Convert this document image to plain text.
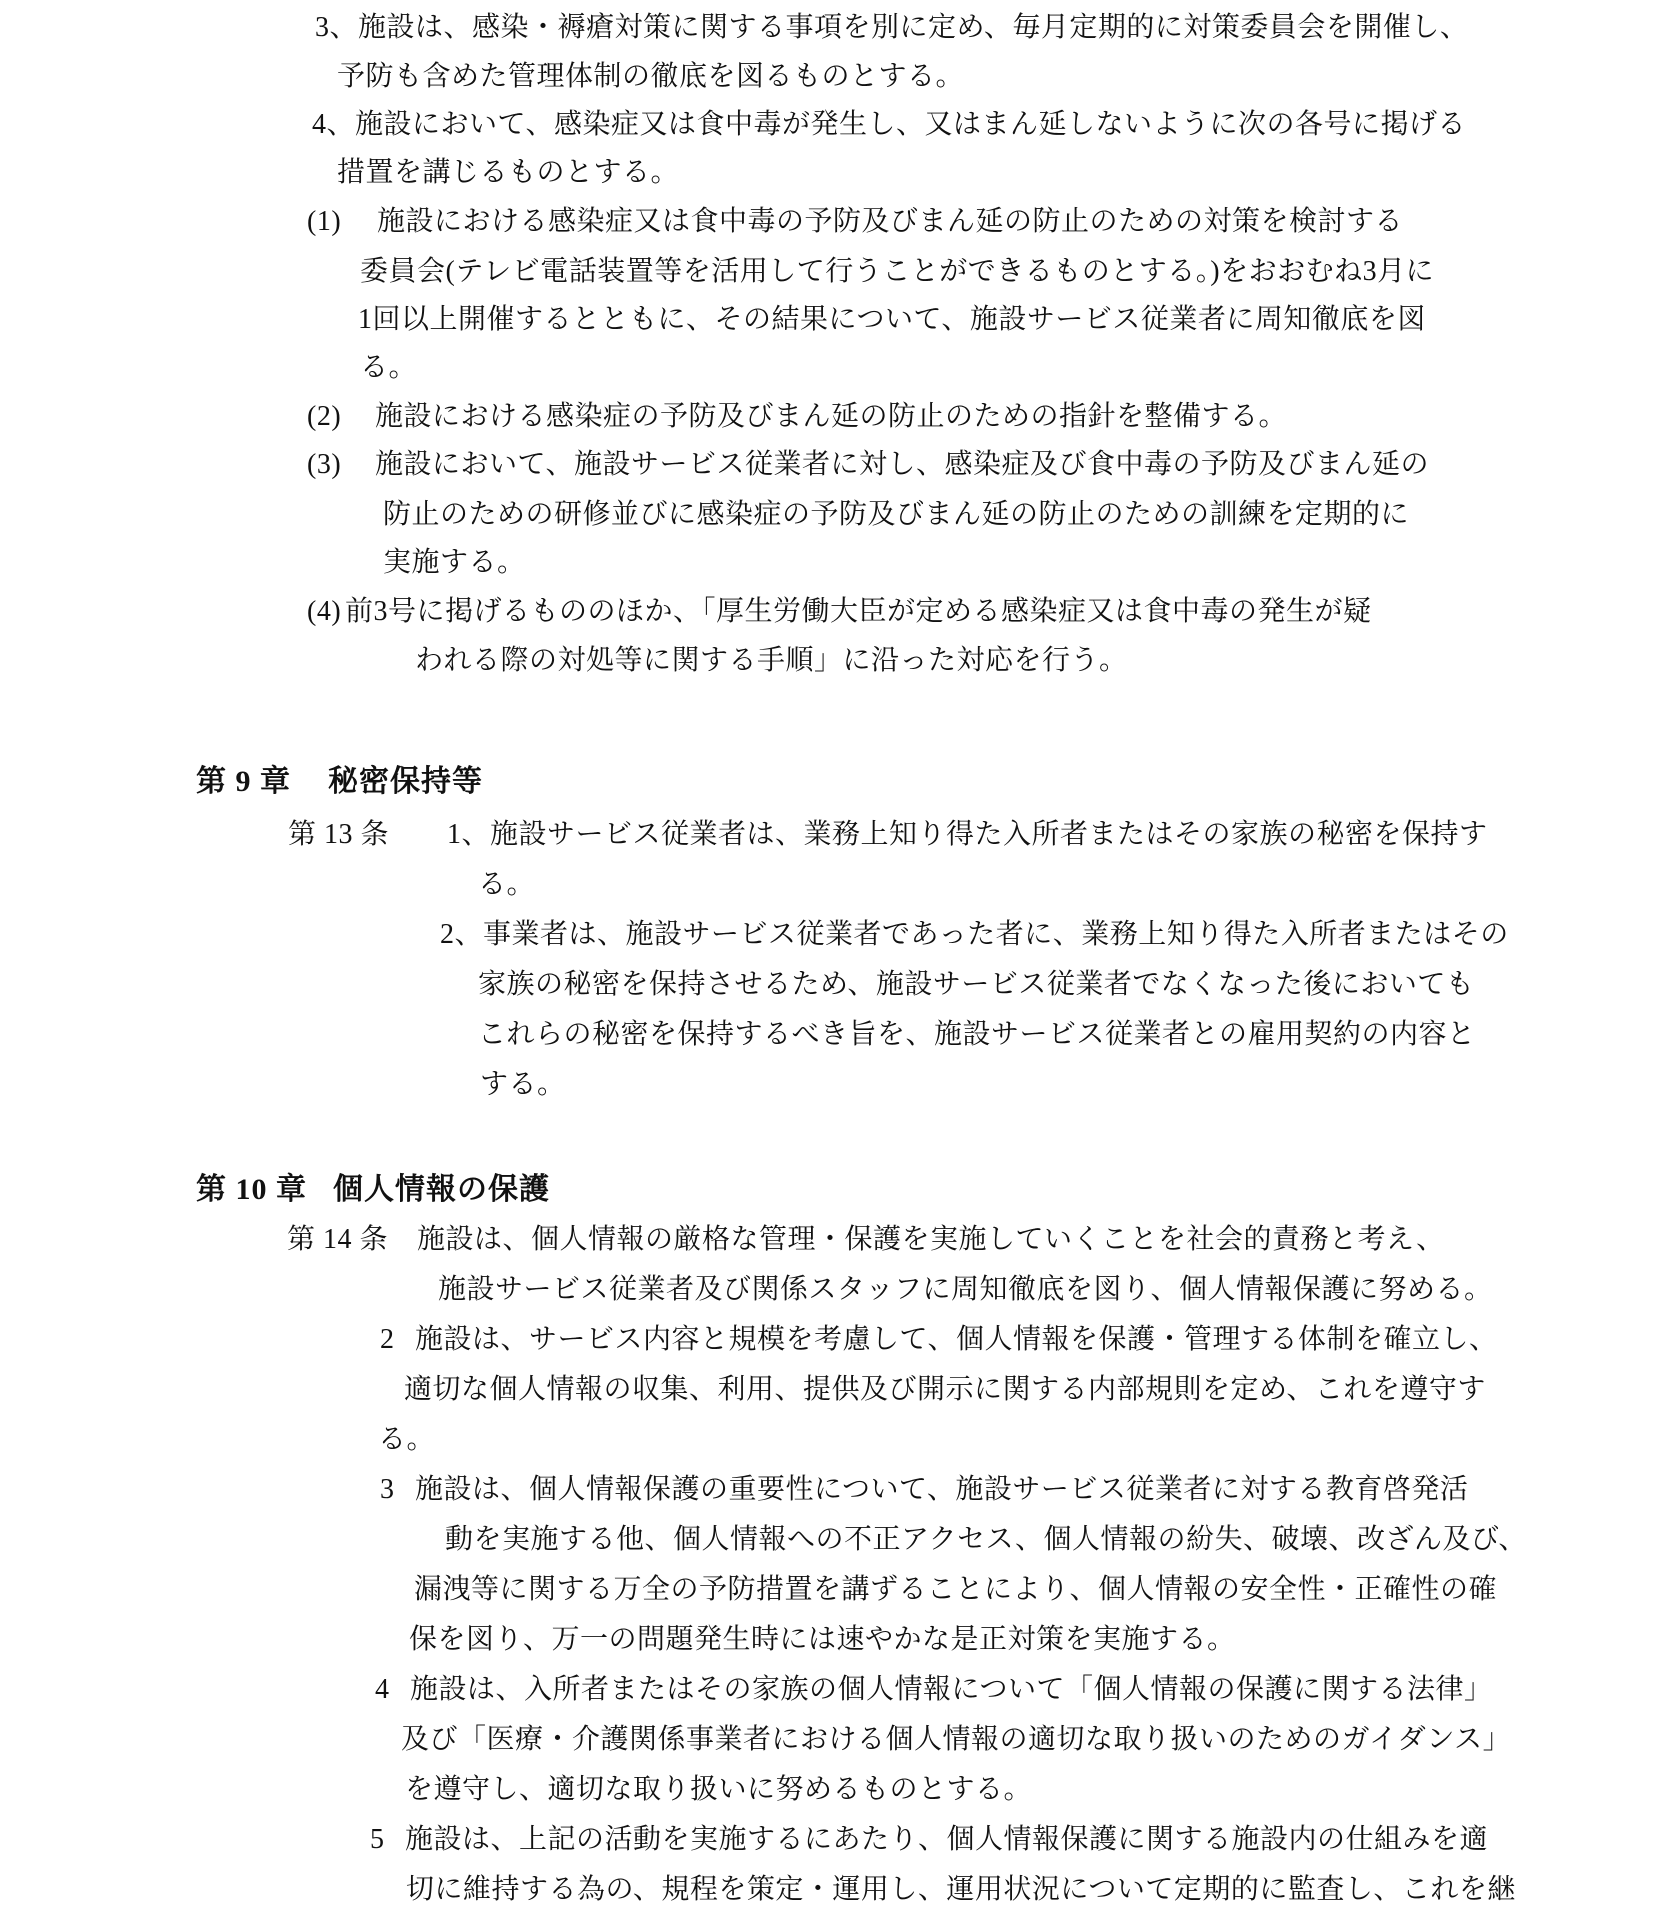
3、施設は、感染・褥瘡対策に関する事項を別に定め、毎月定期的に対策委員会を開催し、
予防も含めた管理体制の徹底を図るものとする。
4、施設において、感染症又は食中毒が発生し、又はまん延しないように次の各号に掲げる
措置を講じるものとする。
(1) 施設における感染症又は食中毒の予防及びまん延の防止のための対策を検討する
委員会(テレビ電話装置等を活用して行うことができるものとする。)をおおむね3月に
1回以上開催するとともに、その結果について、施設サービス従業者に周知徹底を図
る。
(2) 施設における感染症の予防及びまん延の防止のための指針を整備する。
(3) 施設において、施設サービス従業者に対し、感染症及び食中毒の予防及びまん延の
防止のための研修並びに感染症の予防及びまん延の防止のための訓練を定期的に
実施する。
(4) 前3号に掲げるもののほか、「厚生労働大臣が定める感染症又は食中毒の発生が疑
われる際の対処等に関する手順」に沿った対応を行う。
第 9 章 秘密保持等
第 13 条 1、施設サービス従業者は、業務上知り得た入所者またはその家族の秘密を保持す
る。
2、事業者は、施設サービス従業者であった者に、業務上知り得た入所者またはその
家族の秘密を保持させるため、施設サービス従業者でなくなった後においても
これらの秘密を保持するべき旨を、施設サービス従業者との雇用契約の内容と
する。
第 10 章 個人情報の保護
第 14 条 施設は、個人情報の厳格な管理・保護を実施していくことを社会的責務と考え、
施設サービス従業者及び関係スタッフに周知徹底を図り、個人情報保護に努める。
2 施設は、サービス内容と規模を考慮して、個人情報を保護・管理する体制を確立し、
適切な個人情報の収集、利用、提供及び開示に関する内部規則を定め、これを遵守す
る。
3 施設は、個人情報保護の重要性について、施設サービス従業者に対する教育啓発活
動を実施する他、個人情報への不正アクセス、個人情報の紛失、破壊、改ざん及び、
漏洩等に関する万全の予防措置を講ずることにより、個人情報の安全性・正確性の確
保を図り、万一の問題発生時には速やかな是正対策を実施する。
4 施設は、入所者またはその家族の個人情報について「個人情報の保護に関する法律」
及び「医療・介護関係事業者における個人情報の適切な取り扱いのためのガイダンス」
を遵守し、適切な取り扱いに努めるものとする。
5 施設は、上記の活動を実施するにあたり、個人情報保護に関する施設内の仕組みを適
切に維持する為の、規程を策定・運用し、運用状況について定期的に監査し、これを継
